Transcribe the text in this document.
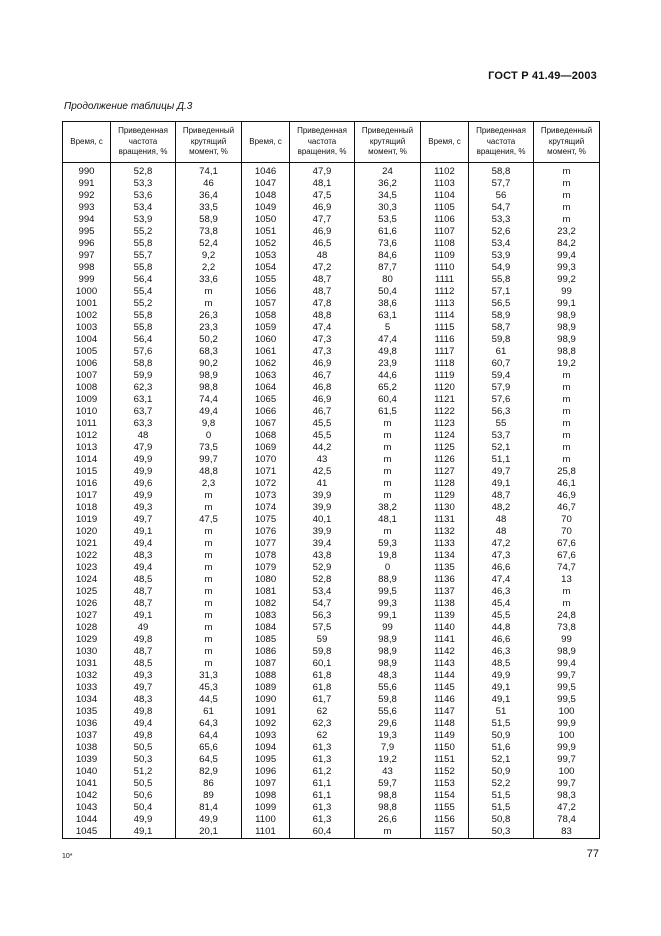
ГОСТ Р 41.49—2003
Продолжение таблицы Д.3
Время, с	Приведенная частота вращения, %	Приведенный крутящий момент, %	Время, с	Приведенная частота вращения, %	Приведенный крутящий момент, %	Время, с	Приведенная частота вращения, %	Приведенный крутящий момент, %
990	52,8	74,1	1046	47,9	24	1102	58,8	m
991	53,3	46	1047	48,1	36,2	1103	57,7	m
992	53,6	36,4	1048	47,5	34,5	1104	56	m
993	53,4	33,5	1049	46,9	30,3	1105	54,7	m
994	53,9	58,9	1050	47,7	53,5	1106	53,3	m
995	55,2	73,8	1051	46,9	61,6	1107	52,6	23,2
996	55,8	52,4	1052	46,5	73,6	1108	53,4	84,2
997	55,7	9,2	1053	48	84,6	1109	53,9	99,4
998	55,8	2,2	1054	47,2	87,7	1110	54,9	99,3
999	56,4	33,6	1055	48,7	80	1111	55,8	99,2
1000	55,4	m	1056	48,7	50,4	1112	57,1	99
1001	55,2	m	1057	47,8	38,6	1113	56,5	99,1
1002	55,8	26,3	1058	48,8	63,1	1114	58,9	98,9
1003	55,8	23,3	1059	47,4	5	1115	58,7	98,9
1004	56,4	50,2	1060	47,3	47,4	1116	59,8	98,9
1005	57,6	68,3	1061	47,3	49,8	1117	61	98,8
1006	58,8	90,2	1062	46,9	23,9	1118	60,7	19,2
1007	59,9	98,9	1063	46,7	44,6	1119	59,4	m
1008	62,3	98,8	1064	46,8	65,2	1120	57,9	m
1009	63,1	74,4	1065	46,9	60,4	1121	57,6	m
1010	63,7	49,4	1066	46,7	61,5	1122	56,3	m
1011	63,3	9,8	1067	45,5	m	1123	55	m
1012	48	0	1068	45,5	m	1124	53,7	m
1013	47,9	73,5	1069	44,2	m	1125	52,1	m
1014	49,9	99,7	1070	43	m	1126	51,1	m
1015	49,9	48,8	1071	42,5	m	1127	49,7	25,8
1016	49,6	2,3	1072	41	m	1128	49,1	46,1
1017	49,9	m	1073	39,9	m	1129	48,7	46,9
1018	49,3	m	1074	39,9	38,2	1130	48,2	46,7
1019	49,7	47,5	1075	40,1	48,1	1131	48	70
1020	49,1	m	1076	39,9	m	1132	48	70
1021	49,4	m	1077	39,4	59,3	1133	47,2	67,6
1022	48,3	m	1078	43,8	19,8	1134	47,3	67,6
1023	49,4	m	1079	52,9	0	1135	46,6	74,7
1024	48,5	m	1080	52,8	88,9	1136	47,4	13
1025	48,7	m	1081	53,4	99,5	1137	46,3	m
1026	48,7	m	1082	54,7	99,3	1138	45,4	m
1027	49,1	m	1083	56,3	99,1	1139	45,5	24,8
1028	49	m	1084	57,5	99	1140	44,8	73,8
1029	49,8	m	1085	59	98,9	1141	46,6	99
1030	48,7	m	1086	59,8	98,9	1142	46,3	98,9
1031	48,5	m	1087	60,1	98,9	1143	48,5	99,4
1032	49,3	31,3	1088	61,8	48,3	1144	49,9	99,7
1033	49,7	45,3	1089	61,8	55,6	1145	49,1	99,5
1034	48,3	44,5	1090	61,7	59,8	1146	49,1	99,5
1035	49,8	61	1091	62	55,6	1147	51	100
1036	49,4	64,3	1092	62,3	29,6	1148	51,5	99,9
1037	49,8	64,4	1093	62	19,3	1149	50,9	100
1038	50,5	65,6	1094	61,3	7,9	1150	51,6	99,9
1039	50,3	64,5	1095	61,3	19,2	1151	52,1	99,7
1040	51,2	82,9	1096	61,2	43	1152	50,9	100
1041	50,5	86	1097	61,1	59,7	1153	52,2	99,7
1042	50,6	89	1098	61,1	98,8	1154	51,5	98,3
1043	50,4	81,4	1099	61,3	98,8	1155	51,5	47,2
1044	49,9	49,9	1100	61,3	26,6	1156	50,8	78,4
1045	49,1	20,1	1101	60,4	m	1157	50,3	83
10*	77
